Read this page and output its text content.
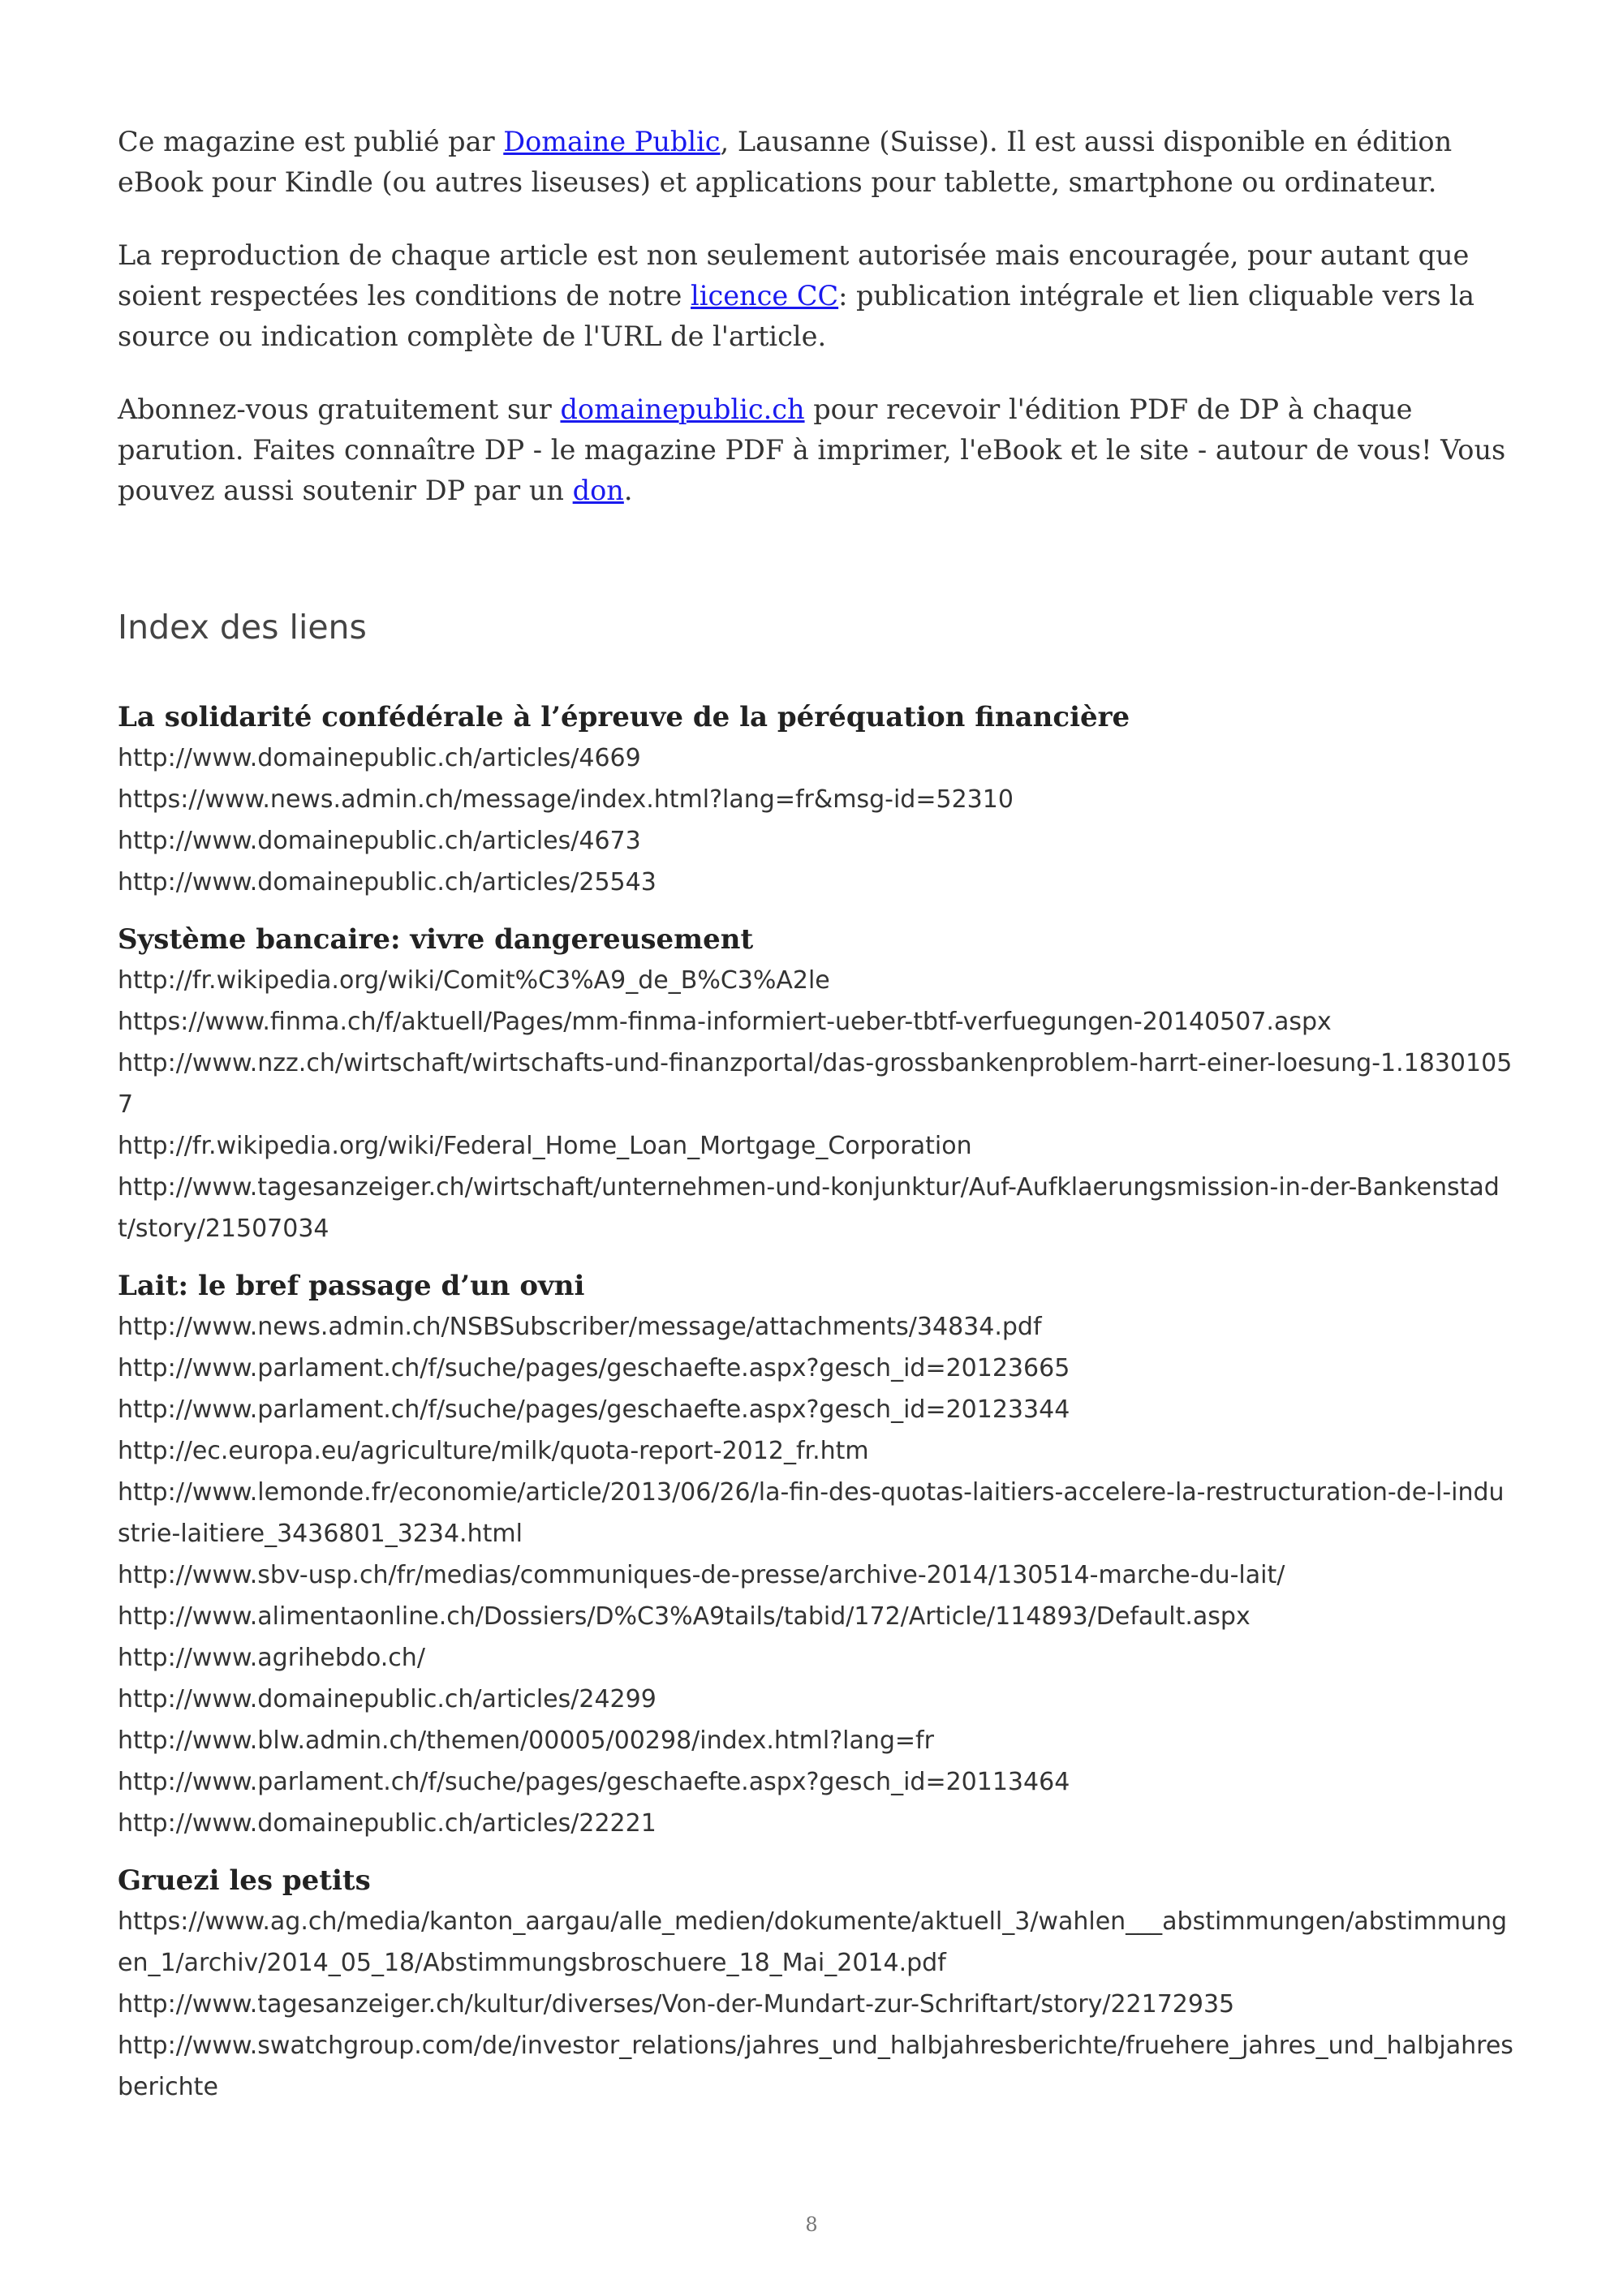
Ce magazine est publié par Domaine Public, Lausanne (Suisse). Il est aussi disponible en édition eBook pour Kindle (ou autres liseuses) et applications pour tablette, smartphone ou ordinateur.

La reproduction de chaque article est non seulement autorisée mais encouragée, pour autant que soient respectées les conditions de notre licence CC: publication intégrale et lien cliquable vers la source ou indication complète de l'URL de l'article.

Abonnez-vous gratuitement sur domainepublic.ch pour recevoir l'édition PDF de DP à chaque parution. Faites connaître DP - le magazine PDF à imprimer, l'eBook et le site - autour de vous! Vous pouvez aussi soutenir DP par un don.

Index des liens

La solidarité confédérale à l’épreuve de la péréquation financière

http://www.domainepublic.ch/articles/4669

https://www.news.admin.ch/message/index.html?lang=fr&msg-id=52310

http://www.domainepublic.ch/articles/4673

http://www.domainepublic.ch/articles/25543

Système bancaire: vivre dangereusement

http://fr.wikipedia.org/wiki/Comit%C3%A9_de_B%C3%A2le

https://www.finma.ch/f/aktuell/Pages/mm-finma-informiert-ueber-tbtf-verfuegungen-20140507.aspx

http://www.nzz.ch/wirtschaft/wirtschafts-und-finanzportal/das-grossbankenproblem-harrt-einer-loesung-1.18301057

http://fr.wikipedia.org/wiki/Federal_Home_Loan_Mortgage_Corporation

http://www.tagesanzeiger.ch/wirtschaft/unternehmen-und-konjunktur/Auf-Aufklaerungsmission-in-der-Bankenstadt/story/21507034

Lait: le bref passage d’un ovni

http://www.news.admin.ch/NSBSubscriber/message/attachments/34834.pdf

http://www.parlament.ch/f/suche/pages/geschaefte.aspx?gesch_id=20123665

http://www.parlament.ch/f/suche/pages/geschaefte.aspx?gesch_id=20123344

http://ec.europa.eu/agriculture/milk/quota-report-2012_fr.htm

http://www.lemonde.fr/economie/article/2013/06/26/la-fin-des-quotas-laitiers-accelere-la-restructuration-de-l-industrie-laitiere_3436801_3234.html

http://www.sbv-usp.ch/fr/medias/communiques-de-presse/archive-2014/130514-marche-du-lait/

http://www.alimentaonline.ch/Dossiers/D%C3%A9tails/tabid/172/Article/114893/Default.aspx

http://www.agrihebdo.ch/

http://www.domainepublic.ch/articles/24299

http://www.blw.admin.ch/themen/00005/00298/index.html?lang=fr

http://www.parlament.ch/f/suche/pages/geschaefte.aspx?gesch_id=20113464

http://www.domainepublic.ch/articles/22221

Gruezi les petits

https://www.ag.ch/media/kanton_aargau/alle_medien/dokumente/aktuell_3/wahlen___abstimmungen/abstimmungen_1/archiv/2014_05_18/Abstimmungsbroschuere_18_Mai_2014.pdf

http://www.tagesanzeiger.ch/kultur/diverses/Von-der-Mundart-zur-Schriftart/story/22172935

http://www.swatchgroup.com/de/investor_relations/jahres_und_halbjahresberichte/fruehere_jahres_und_halbjahresberichte

8
